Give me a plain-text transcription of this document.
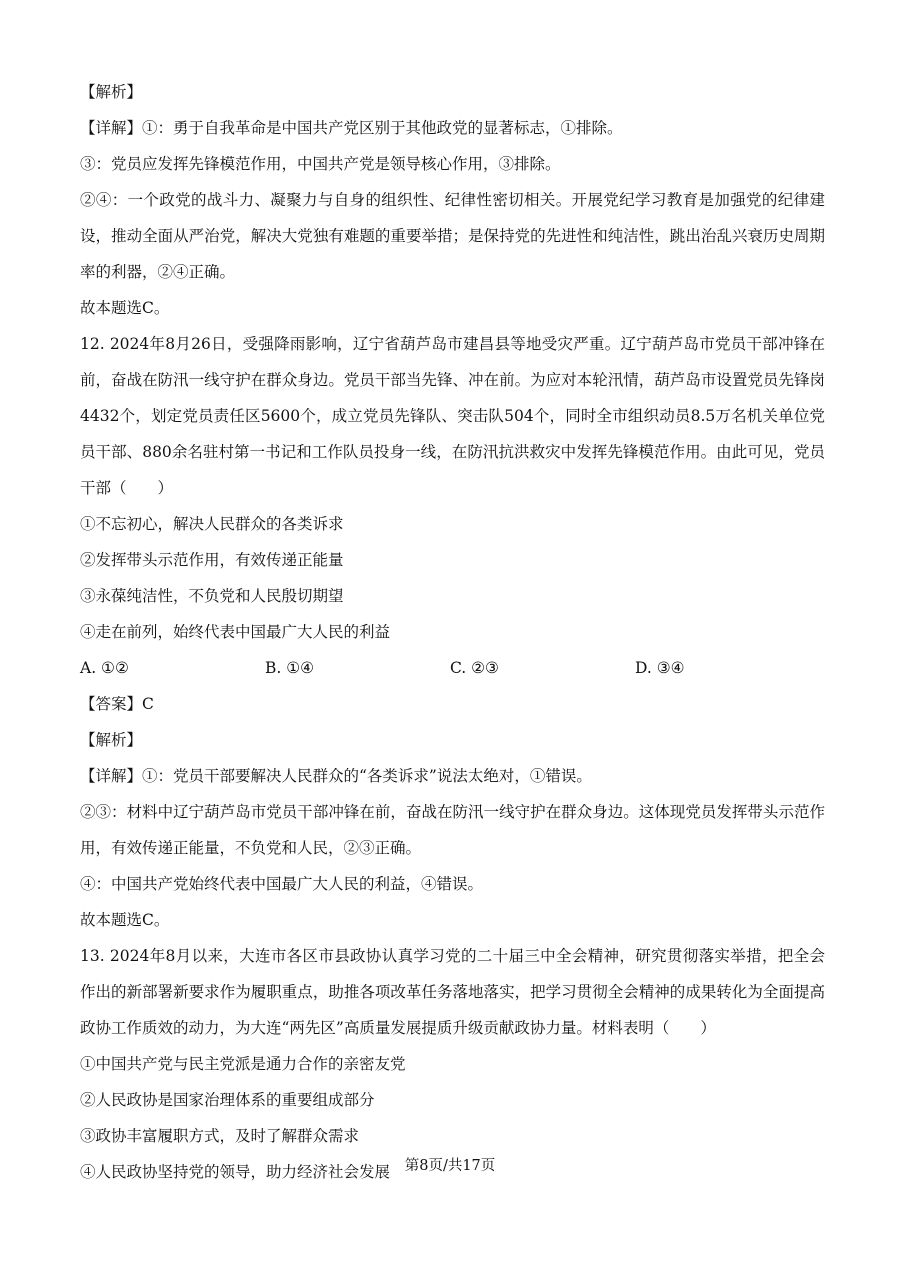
【解析】

【详解】①：勇于自我革命是中国共产党区别于其他政党的显著标志，①排除。

③：党员应发挥先锋模范作用，中国共产党是领导核心作用，③排除。

②④：一个政党的战斗力、凝聚力与自身的组织性、纪律性密切相关。开展党纪学习教育是加强党的纪律建设，推动全面从严治党，解决大党独有难题的重要举措；是保持党的先进性和纯洁性，跳出治乱兴衰历史周期率的利器，②④正确。

故本题选C。

12. 2024年8月26日，受强降雨影响，辽宁省葫芦岛市建昌县等地受灾严重。辽宁葫芦岛市党员干部冲锋在前，奋战在防汛一线守护在群众身边。党员干部当先锋、冲在前。为应对本轮汛情，葫芦岛市设置党员先锋岗4432个，划定党员责任区5600个，成立党员先锋队、突击队504个，同时全市组织动员8.5万名机关单位党员干部、880余名驻村第一书记和工作队员投身一线，在防汛抗洪救灾中发挥先锋模范作用。由此可见，党员干部（　　）

①不忘初心，解决人民群众的各类诉求

②发挥带头示范作用，有效传递正能量

③永葆纯洁性，不负党和人民殷切期望

④走在前列，始终代表中国最广大人民的利益

A. ①②	B. ①④	C. ②③	D. ③④

【答案】C

【解析】

【详解】①：党员干部要解决人民群众的“各类诉求”说法太绝对，①错误。

②③：材料中辽宁葫芦岛市党员干部冲锋在前，奋战在防汛一线守护在群众身边。这体现党员发挥带头示范作用，有效传递正能量，不负党和人民，②③正确。

④：中国共产党始终代表中国最广大人民的利益，④错误。

故本题选C。

13. 2024年8月以来，大连市各区市县政协认真学习党的二十届三中全会精神，研究贯彻落实举措，把全会作出的新部署新要求作为履职重点，助推各项改革任务落地落实，把学习贯彻全会精神的成果转化为全面提高政协工作质效的动力，为大连“两先区”高质量发展提质升级贡献政协力量。材料表明（　　）

①中国共产党与民主党派是通力合作的亲密友党

②人民政协是国家治理体系的重要组成部分

③政协丰富履职方式，及时了解群众需求

④人民政协坚持党的领导，助力经济社会发展	第8页/共17页
